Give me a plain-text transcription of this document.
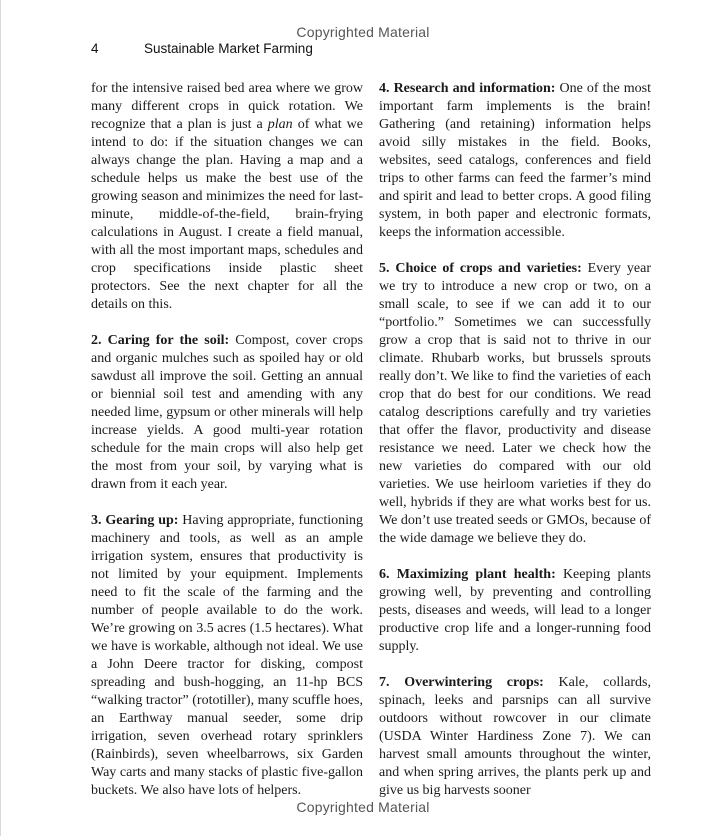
Copyrighted Material
4	Sustainable Market Farming

for the intensive raised bed area where we grow many different crops in quick rotation. We recognize that a plan is just a plan of what we intend to do: if the situation changes we can always change the plan. Having a map and a schedule helps us make the best use of the growing season and minimizes the need for last-minute, middle-of-the-field, brain-frying calculations in August. I create a field manual, with all the most important maps, schedules and crop specifications inside plastic sheet protectors. See the next chapter for all the details on this.

2. Caring for the soil: Compost, cover crops and organic mulches such as spoiled hay or old sawdust all improve the soil. Getting an annual or biennial soil test and amending with any needed lime, gypsum or other minerals will help increase yields. A good multi-year rotation schedule for the main crops will also help get the most from your soil, by varying what is drawn from it each year.

3. Gearing up: Having appropriate, functioning machinery and tools, as well as an ample irrigation system, ensures that productivity is not limited by your equipment. Implements need to fit the scale of the farming and the number of people available to do the work. We’re growing on 3.5 acres (1.5 hectares). What we have is workable, although not ideal. We use a John Deere tractor for disking, compost spreading and bush-hogging, an 11-hp BCS “walking tractor” (rototiller), many scuffle hoes, an Earthway manual seeder, some drip irrigation, seven overhead rotary sprinklers (Rainbirds), seven wheelbarrows, six Garden Way carts and many stacks of plastic five-gallon buckets. We also have lots of helpers.

4. Research and information: One of the most important farm implements is the brain! Gathering (and retaining) information helps avoid silly mistakes in the field. Books, websites, seed catalogs, conferences and field trips to other farms can feed the farmer’s mind and spirit and lead to better crops. A good filing system, in both paper and electronic formats, keeps the information accessible.

5. Choice of crops and varieties: Every year we try to introduce a new crop or two, on a small scale, to see if we can add it to our “portfolio.” Sometimes we can successfully grow a crop that is said not to thrive in our climate. Rhubarb works, but brussels sprouts really don’t. We like to find the varieties of each crop that do best for our conditions. We read catalog descriptions carefully and try varieties that offer the flavor, productivity and disease resistance we need. Later we check how the new varieties do compared with our old varieties. We use heirloom varieties if they do well, hybrids if they are what works best for us. We don’t use treated seeds or GMOs, because of the wide damage we believe they do.

6. Maximizing plant health: Keeping plants growing well, by preventing and controlling pests, diseases and weeds, will lead to a longer productive crop life and a longer-running food supply.

7. Overwintering crops: Kale, collards, spinach, leeks and parsnips can all survive outdoors without rowcover in our climate (USDA Winter Hardiness Zone 7). We can harvest small amounts throughout the winter, and when spring arrives, the plants perk up and give us big harvests sooner

Copyrighted Material
